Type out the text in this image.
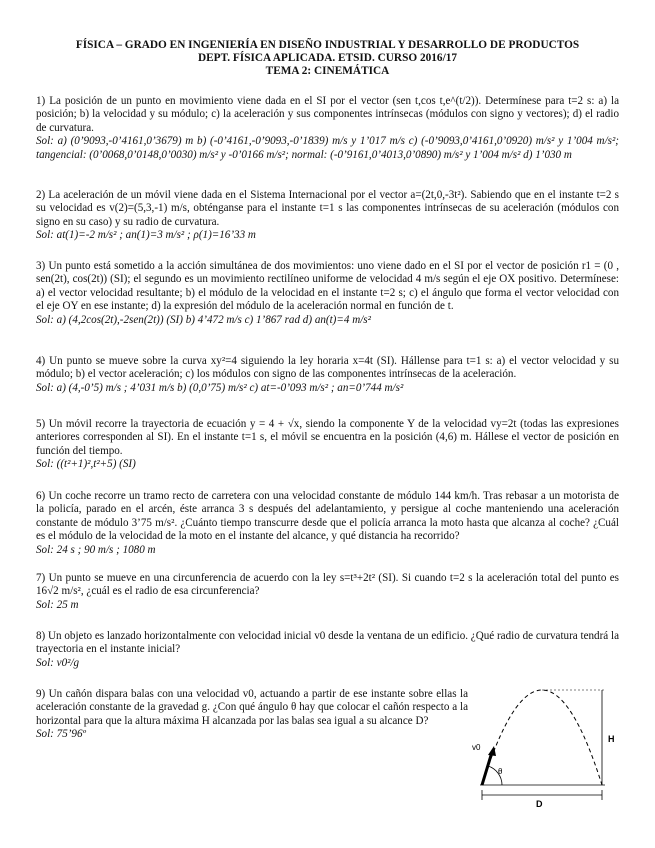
FÍSICA – GRADO EN INGENIERÍA EN DISEÑO INDUSTRIAL Y DESARROLLO DE PRODUCTOS
DEPT. FÍSICA APLICADA. ETSID. CURSO 2016/17
TEMA 2: CINEMÁTICA

1) La posición de un punto en movimiento viene dada en el SI por el vector (sen t,cos t,e^(t/2)). Determínese para t=2 s: a) la posición; b) la velocidad y su módulo; c) la aceleración y sus componentes intrínsecas (módulos con signo y vectores); d) el radio de curvatura.

Sol: a) (0’9093,-0’4161,0’3679) m b) (-0’4161,-0’9093,-0’1839) m/s y 1’017 m/s c) (-0’9093,0’4161,0’0920) m/s² y 1’004 m/s²; tangencial: (0’0068,0’0148,0’0030) m/s² y -0’0166 m/s²; normal: (-0’9161,0’4013,0’0890) m/s² y 1’004 m/s² d) 1’030 m

2) La aceleración de un móvil viene dada en el Sistema Internacional por el vector a=(2t,0,-3t²). Sabiendo que en el instante t=2 s su velocidad es v(2)=(5,3,-1) m/s, obténganse para el instante t=1 s las componentes intrínsecas de su aceleración (módulos con signo en su caso) y su radio de curvatura.

Sol: at(1)=-2 m/s² ; an(1)=3 m/s² ; ρ(1)=16’33 m

3) Un punto está sometido a la acción simultánea de dos movimientos: uno viene dado en el SI por el vector de posición r1 = (0 , sen(2t), cos(2t)) (SI); el segundo es un movimiento rectilíneo uniforme de velocidad 4 m/s según el eje OX positivo. Determínese: a) el vector velocidad resultante; b) el módulo de la velocidad en el instante t=2 s; c) el ángulo que forma el vector velocidad con el eje OY en ese instante; d) la expresión del módulo de la aceleración normal en función de t.

Sol: a) (4,2cos(2t),-2sen(2t)) (SI) b) 4’472 m/s c) 1’867 rad d) an(t)=4 m/s²

4) Un punto se mueve sobre la curva xy²=4 siguiendo la ley horaria x=4t (SI). Hállense para t=1 s: a) el vector velocidad y su módulo; b) el vector aceleración; c) los módulos con signo de las componentes intrínsecas de la aceleración.

Sol: a) (4,-0’5) m/s ; 4’031 m/s b) (0,0’75) m/s² c) at=-0’093 m/s² ; an=0’744 m/s²

5) Un móvil recorre la trayectoria de ecuación y = 4 + √x, siendo la componente Y de la velocidad vy=2t (todas las expresiones anteriores corresponden al SI). En el instante t=1 s, el móvil se encuentra en la posición (4,6) m. Hállese el vector de posición en función del tiempo.

Sol: ((t²+1)²,t²+5) (SI)

6) Un coche recorre un tramo recto de carretera con una velocidad constante de módulo 144 km/h. Tras rebasar a un motorista de la policía, parado en el arcén, éste arranca 3 s después del adelantamiento, y persigue al coche manteniendo una aceleración constante de módulo 3’75 m/s². ¿Cuánto tiempo transcurre desde que el policía arranca la moto hasta que alcanza al coche? ¿Cuál es el módulo de la velocidad de la moto en el instante del alcance, y qué distancia ha recorrido?

Sol: 24 s ; 90 m/s ; 1080 m

7) Un punto se mueve en una circunferencia de acuerdo con la ley s=t³+2t² (SI). Si cuando t=2 s la aceleración total del punto es 16√2 m/s², ¿cuál es el radio de esa circunferencia?

Sol: 25 m

8) Un objeto es lanzado horizontalmente con velocidad inicial v0 desde la ventana de un edificio. ¿Qué radio de curvatura tendrá la trayectoria en el instante inicial?

Sol: v0²/g

9) Un cañón dispara balas con una velocidad v0, actuando a partir de ese instante sobre ellas la aceleración constante de la gravedad g. ¿Con qué ángulo θ hay que colocar el cañón respecto a la horizontal para que la altura máxima H alcanzada por las balas sea igual a su alcance D?

Sol: 75’96º

v0
θ
H
D
